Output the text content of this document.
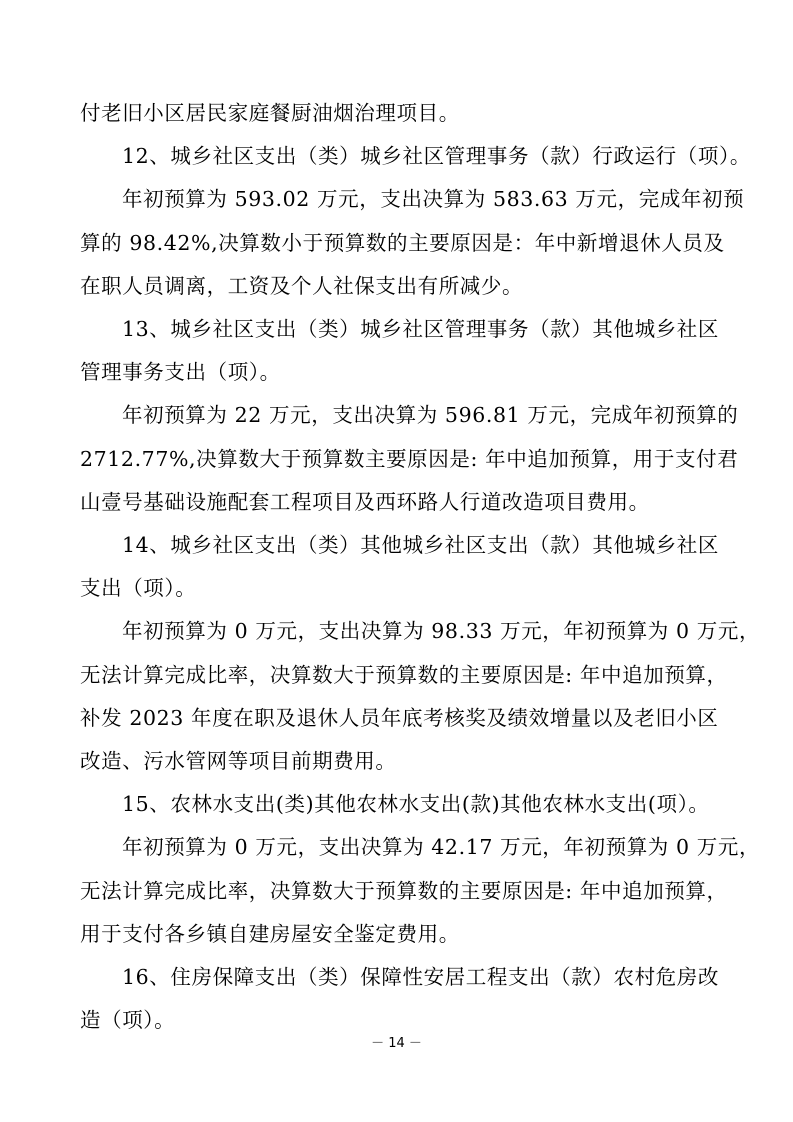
付老旧小区居民家庭餐厨油烟治理项目。
12、城乡社区支出（类）城乡社区管理事务（款）行政运行（项）。
年初预算为 593.02 万元，支出决算为 583.63 万元，完成年初预
算的 98.42%,决算数小于预算数的主要原因是：年中新增退休人员及
在职人员调离，工资及个人社保支出有所减少。
13、城乡社区支出（类）城乡社区管理事务（款）其他城乡社区
管理事务支出（项）。
年初预算为 22 万元，支出决算为 596.81 万元，完成年初预算的
2712.77%,决算数大于预算数主要原因是: 年中追加预算，用于支付君
山壹号基础设施配套工程项目及西环路人行道改造项目费用。
14、城乡社区支出（类）其他城乡社区支出（款）其他城乡社区
支出（项）。
年初预算为 0 万元，支出决算为 98.33 万元，年初预算为 0 万元，
无法计算完成比率，决算数大于预算数的主要原因是: 年中追加预算，
补发 2023 年度在职及退休人员年底考核奖及绩效增量以及老旧小区
改造、污水管网等项目前期费用。
15、农林水支出(类)其他农林水支出(款)其他农林水支出(项）。
年初预算为 0 万元，支出决算为 42.17 万元，年初预算为 0 万元，
无法计算完成比率，决算数大于预算数的主要原因是: 年中追加预算，
用于支付各乡镇自建房屋安全鉴定费用。
－ 14 －
16、住房保障支出（类）保障性安居工程支出（款）农村危房改
造（项）。
